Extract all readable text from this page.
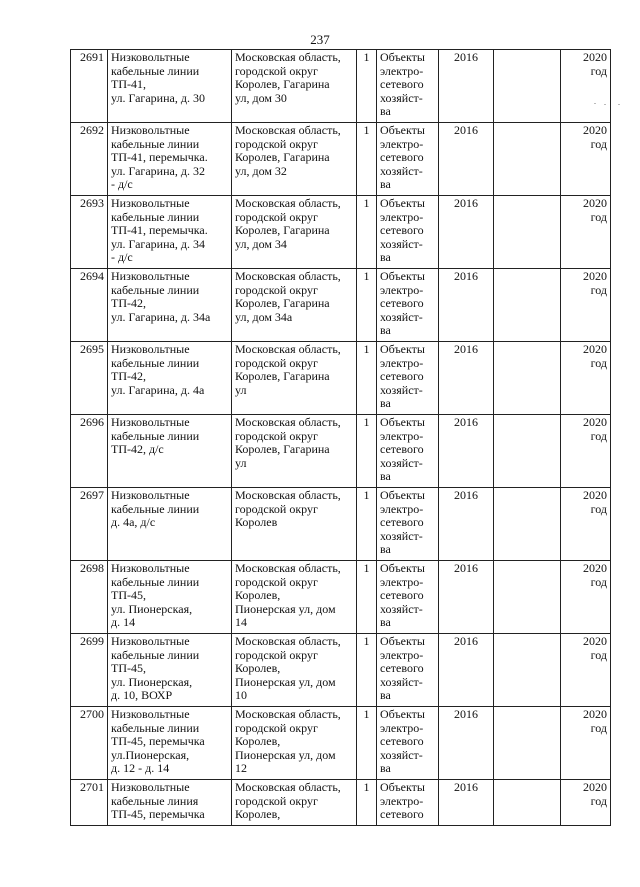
237
2691	Низковольтные
кабельные линии
ТП-41,
ул. Гагарина, д. 30	Московская область,
городской округ
Королев, Гагарина
ул, дом 30	1	Объекты
электро-
сетевого
хозяйст-
ва	2016		2020
год
2692	Низковольтные
кабельные линии
ТП-41, перемычка.
ул. Гагарина, д. 32
- д/с	Московская область,
городской округ
Королев, Гагарина
ул, дом 32	1	Объекты
электро-
сетевого
хозяйст-
ва	2016		2020
год
2693	Низковольтные
кабельные линии
ТП-41, перемычка.
ул. Гагарина, д. 34
- д/с	Московская область,
городской округ
Королев, Гагарина
ул, дом 34	1	Объекты
электро-
сетевого
хозяйст-
ва	2016		2020
год
2694	Низковольтные
кабельные линии
ТП-42,
ул. Гагарина, д. 34а	Московская область,
городской округ
Королев, Гагарина
ул, дом 34а	1	Объекты
электро-
сетевого
хозяйст-
ва	2016		2020
год
2695	Низковольтные
кабельные линии
ТП-42,
ул. Гагарина, д. 4а	Московская область,
городской округ
Королев, Гагарина
ул	1	Объекты
электро-
сетевого
хозяйст-
ва	2016		2020
год
2696	Низковольтные
кабельные линии
ТП-42, д/с	Московская область,
городской округ
Королев, Гагарина
ул	1	Объекты
электро-
сетевого
хозяйст-
ва	2016		2020
год
2697	Низковольтные
кабельные линии
д. 4а, д/с	Московская область,
городской округ
Королев	1	Объекты
электро-
сетевого
хозяйст-
ва	2016		2020
год
2698	Низковольтные
кабельные линии
ТП-45,
ул. Пионерская,
д. 14	Московская область,
городской округ
Королев,
Пионерская ул, дом
14	1	Объекты
электро-
сетевого
хозяйст-
ва	2016		2020
год
2699	Низковольтные
кабельные линии
ТП-45,
ул. Пионерская,
д. 10, ВОХР	Московская область,
городской округ
Королев,
Пионерская ул, дом
10	1	Объекты
электро-
сетевого
хозяйст-
ва	2016		2020
год
2700	Низковольтные
кабельные линии
ТП-45, перемычка
ул.Пионерская,
д. 12 - д. 14	Московская область,
городской округ
Королев,
Пионерская ул, дом
12	1	Объекты
электро-
сетевого
хозяйст-
ва	2016		2020
год
2701	Низковольтные
кабельные линия
ТП-45, перемычка	Московская область,
городской округ
Королев,	1	Объекты
электро-
сетевого	2016		2020
год
